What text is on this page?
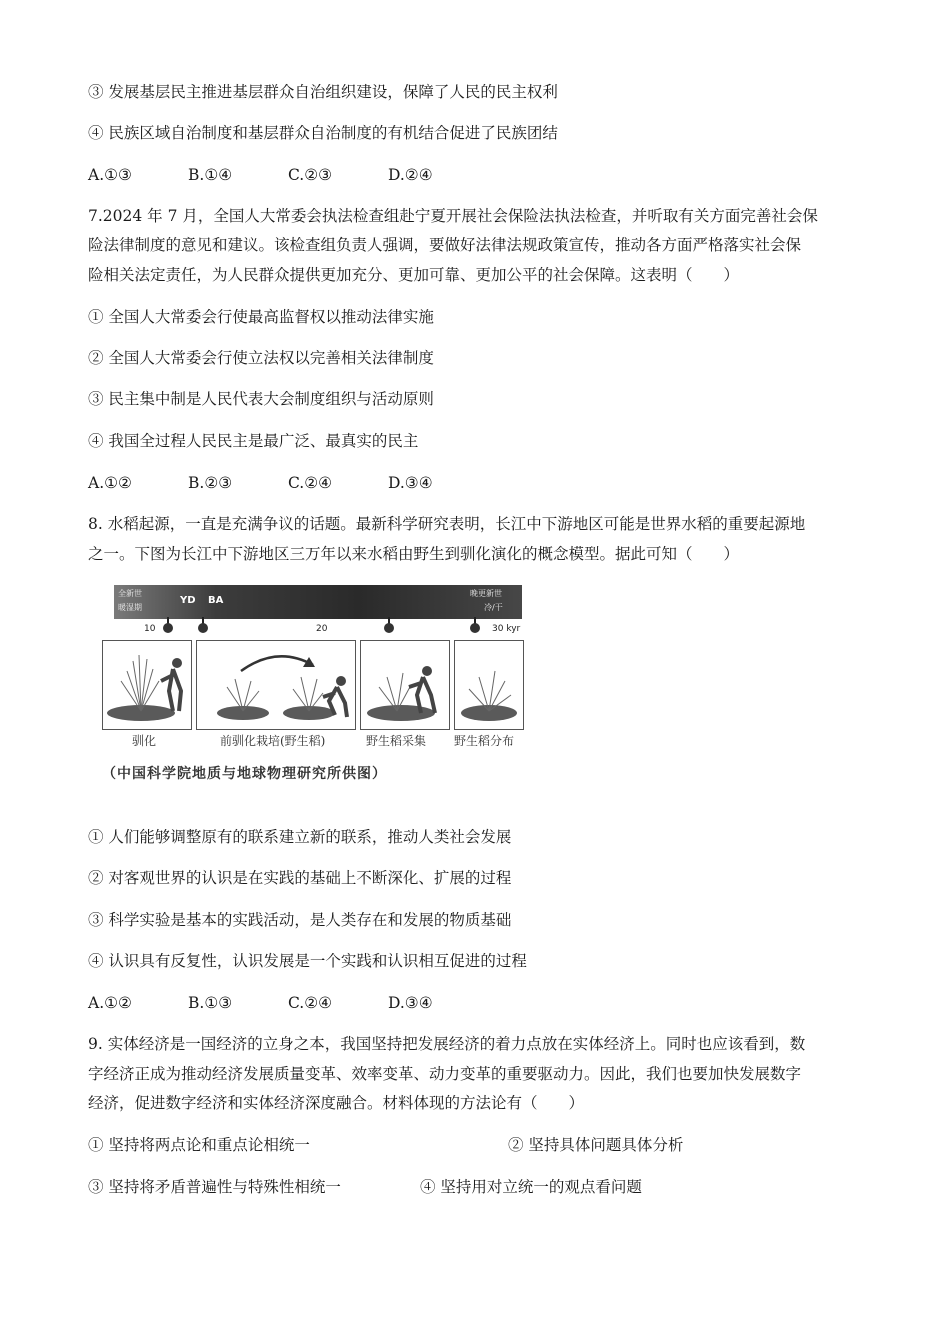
③ 发展基层民主推进基层群众自治组织建设，保障了人民的民主权利
④ 民族区域自治制度和基层群众自治制度的有机结合促进了民族团结
A.①③	B.①④	C.②③	D.②④
7.2024 年 7 月，全国人大常委会执法检查组赴宁夏开展社会保险法执法检查，并听取有关方面完善社会保
险法律制度的意见和建议。该检查组负责人强调，要做好法律法规政策宣传，推动各方面严格落实社会保
险相关法定责任，为人民群众提供更加充分、更加可靠、更加公平的社会保障。这表明（　　）
① 全国人大常委会行使最高监督权以推动法律实施
② 全国人大常委会行使立法权以完善相关法律制度
③ 民主集中制是人民代表大会制度组织与活动原则
④ 我国全过程人民民主是最广泛、最真实的民主
A.①②	B.②③	C.②④	D.③④
8. 水稻起源，一直是充满争议的话题。最新科学研究表明，长江中下游地区可能是世界水稻的重要起源地
之一。下图为长江中下游地区三万年以来水稻由野生到驯化演化的概念模型。据此可知（　　）
全新世
暖湿期
YD BA
晚更新世
冷/干
10	20	30 kyr
驯化	前驯化栽培(野生稻)	野生稻采集 野生稻分布
（中国科学院地质与地球物理研究所供图）
① 人们能够调整原有的联系建立新的联系，推动人类社会发展
② 对客观世界的认识是在实践的基础上不断深化、扩展的过程
③ 科学实验是基本的实践活动，是人类存在和发展的物质基础
④ 认识具有反复性，认识发展是一个实践和认识相互促进的过程
A.①②	B.①③	C.②④	D.③④
9. 实体经济是一国经济的立身之本，我国坚持把发展经济的着力点放在实体经济上。同时也应该看到，数
字经济正成为推动经济发展质量变革、效率变革、动力变革的重要驱动力。因此，我们也要加快发展数字
经济，促进数字经济和实体经济深度融合。材料体现的方法论有（　　）
① 坚持将两点论和重点论相统一	② 坚持具体问题具体分析
③ 坚持将矛盾普遍性与特殊性相统一	④ 坚持用对立统一的观点看问题
